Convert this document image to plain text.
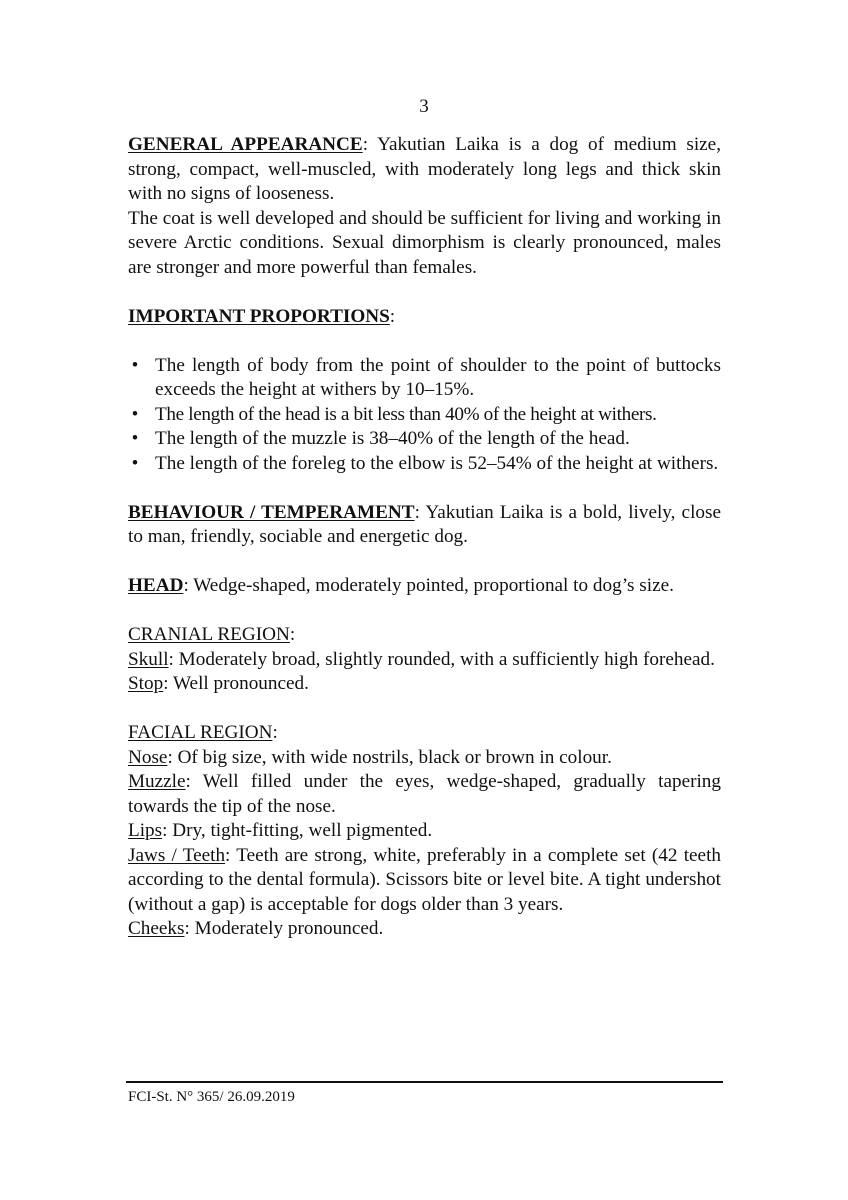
3

GENERAL APPEARANCE: Yakutian Laika is a dog of medium size, strong, compact, well-muscled, with moderately long legs and thick skin with no signs of looseness.

The coat is well developed and should be sufficient for living and working in severe Arctic conditions. Sexual dimorphism is clearly pronounced, males are stronger and more powerful than females.

IMPORTANT PROPORTIONS:

• The length of body from the point of shoulder to the point of buttocks exceeds the height at withers by 10–15%.
• The length of the head is a bit less than 40% of the height at withers.
• The length of the muzzle is 38–40% of the length of the head.
• The length of the foreleg to the elbow is 52–54% of the height at withers.

BEHAVIOUR / TEMPERAMENT: Yakutian Laika is a bold, lively, close to man, friendly, sociable and energetic dog.

HEAD: Wedge-shaped, moderately pointed, proportional to dog’s size.

CRANIAL REGION:

Skull: Moderately broad, slightly rounded, with a sufficiently high forehead.

Stop: Well pronounced.

FACIAL REGION:

Nose: Of big size, with wide nostrils, black or brown in colour.

Muzzle: Well filled under the eyes, wedge-shaped, gradually tapering towards the tip of the nose.

Lips: Dry, tight-fitting, well pigmented.

Jaws / Teeth: Teeth are strong, white, preferably in a complete set (42 teeth according to the dental formula). Scissors bite or level bite. A tight undershot (without a gap) is acceptable for dogs older than 3 years.

Cheeks: Moderately pronounced.

FCI-St. N° 365/ 26.09.2019
